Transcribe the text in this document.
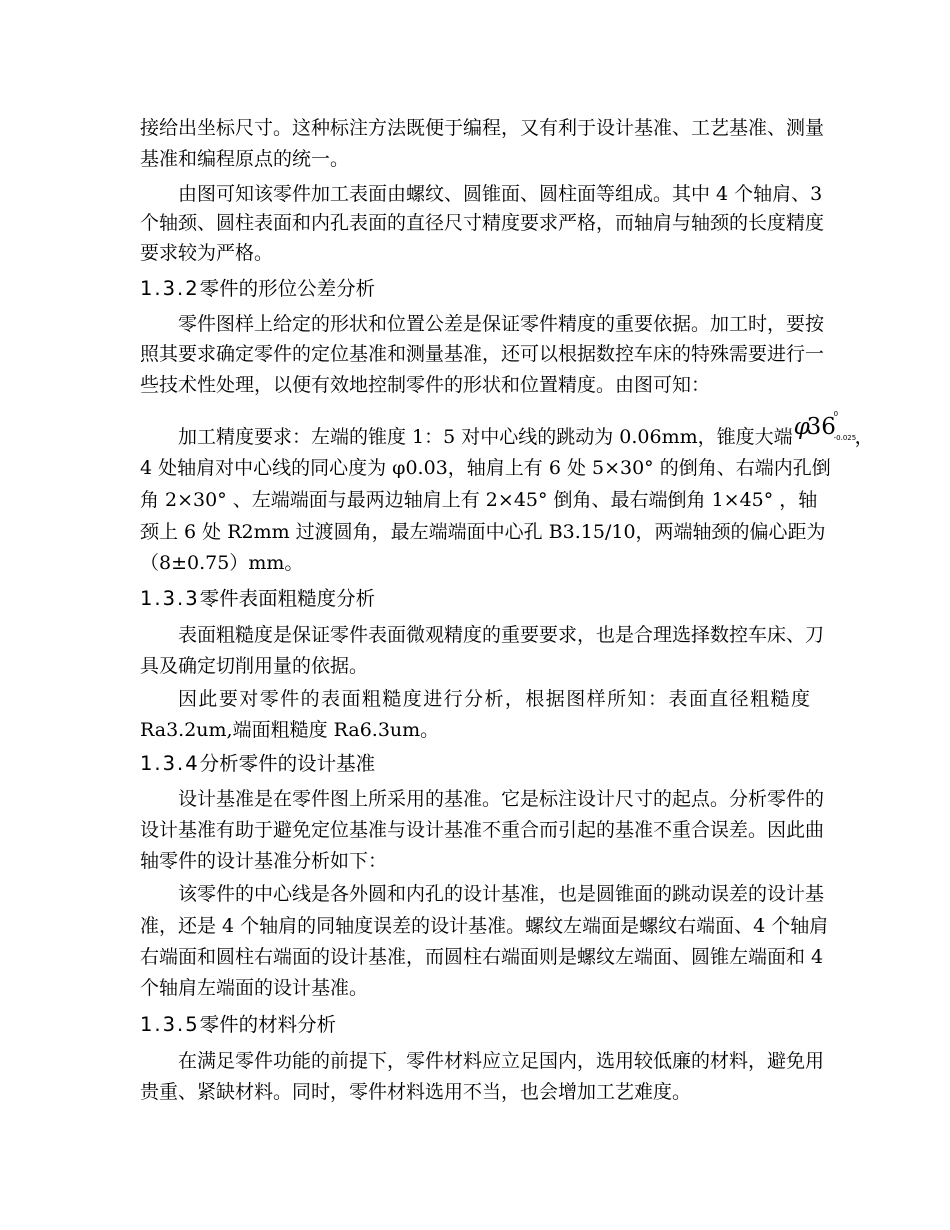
接给出坐标尺寸。这种标注方法既便于编程，又有利于设计基准、工艺基准、测量
基准和编程原点的统一。
由图可知该零件加工表面由螺纹、圆锥面、圆柱面等组成。其中 4 个轴肩、3
个轴颈、圆柱表面和内孔表面的直径尺寸精度要求严格，而轴肩与轴颈的长度精度
要求较为严格。
1.3.2零件的形位公差分析
零件图样上给定的形状和位置公差是保证零件精度的重要依据。加工时，要按
照其要求确定零件的定位基准和测量基准，还可以根据数控车床的特殊需要进行一
些技术性处理，以便有效地控制零件的形状和位置精度。由图可知：
加工精度要求：左端的锥度 1：5 对中心线的跳动为 0.06mm，锥度大端 φ
36
0
-0.025
，
4 处轴肩对中心线的同心度为 φ0.03，轴肩上有 6 处 5×30° 的倒角、右端内孔倒
角 2×30° 、左端端面与最两边轴肩上有 2×45° 倒角、最右端倒角 1×45° ，轴
颈上 6 处 R2mm 过渡圆角，最左端端面中心孔 B3.15/10，两端轴颈的偏心距为
（8±0.75）mm。
1.3.3零件表面粗糙度分析
表面粗糙度是保证零件表面微观精度的重要要求，也是合理选择数控车床、刀
具及确定切削用量的依据。
因此要对零件的表面粗糙度进行分析，根据图样所知：表面直径粗糙度
Ra3.2um,端面粗糙度 Ra6.3um。
1.3.4分析零件的设计基准
设计基准是在零件图上所采用的基准。它是标注设计尺寸的起点。分析零件的
设计基准有助于避免定位基准与设计基准不重合而引起的基准不重合误差。因此曲
轴零件的设计基准分析如下：
该零件的中心线是各外圆和内孔的设计基准，也是圆锥面的跳动误差的设计基
准，还是 4 个轴肩的同轴度误差的设计基准。螺纹左端面是螺纹右端面、4 个轴肩
右端面和圆柱右端面的设计基准，而圆柱右端面则是螺纹左端面、圆锥左端面和 4
个轴肩左端面的设计基准。
1.3.5零件的材料分析
在满足零件功能的前提下，零件材料应立足国内，选用较低廉的材料，避免用
贵重、紧缺材料。同时，零件材料选用不当，也会增加工艺难度。
